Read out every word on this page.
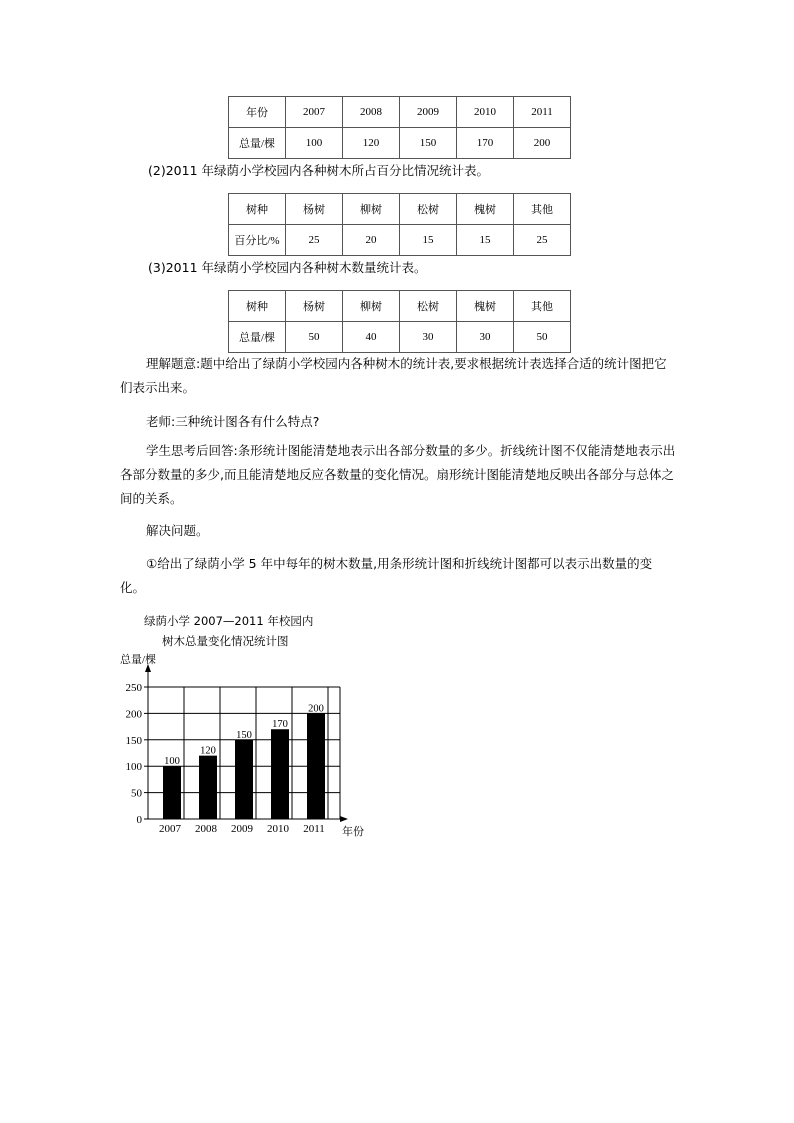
年份	2007	2008	2009	2010	2011
总量/棵	100	120	150	170	200
(2)2011 年绿荫小学校园内各种树木所占百分比情况统计表。
树种	杨树	柳树	松树	槐树	其他
百分比/%	25	20	15	15	25
(3)2011 年绿荫小学校园内各种树木数量统计表。
树种	杨树	柳树	松树	槐树	其他
总量/棵	50	40	30	30	50
理解题意:题中给出了绿荫小学校园内各种树木的统计表,要求根据统计表选择合适的统计图把它们表示出来。
老师:三种统计图各有什么特点?
学生思考后回答:条形统计图能清楚地表示出各部分数量的多少。折线统计图不仅能清楚地表示出各部分数量的多少,而且能清楚地反应各数量的变化情况。扇形统计图能清楚地反映出各部分与总体之间的关系。
解决问题。
①给出了绿荫小学 5 年中每年的树木数量,用条形统计图和折线统计图都可以表示出数量的变化。
绿荫小学 2007—2011 年校园内
树木总量变化情况统计图
0
50
100
150
200
250
100
2007
120
2008
150
2009
170
2010
200
2011
总量/棵
年份
